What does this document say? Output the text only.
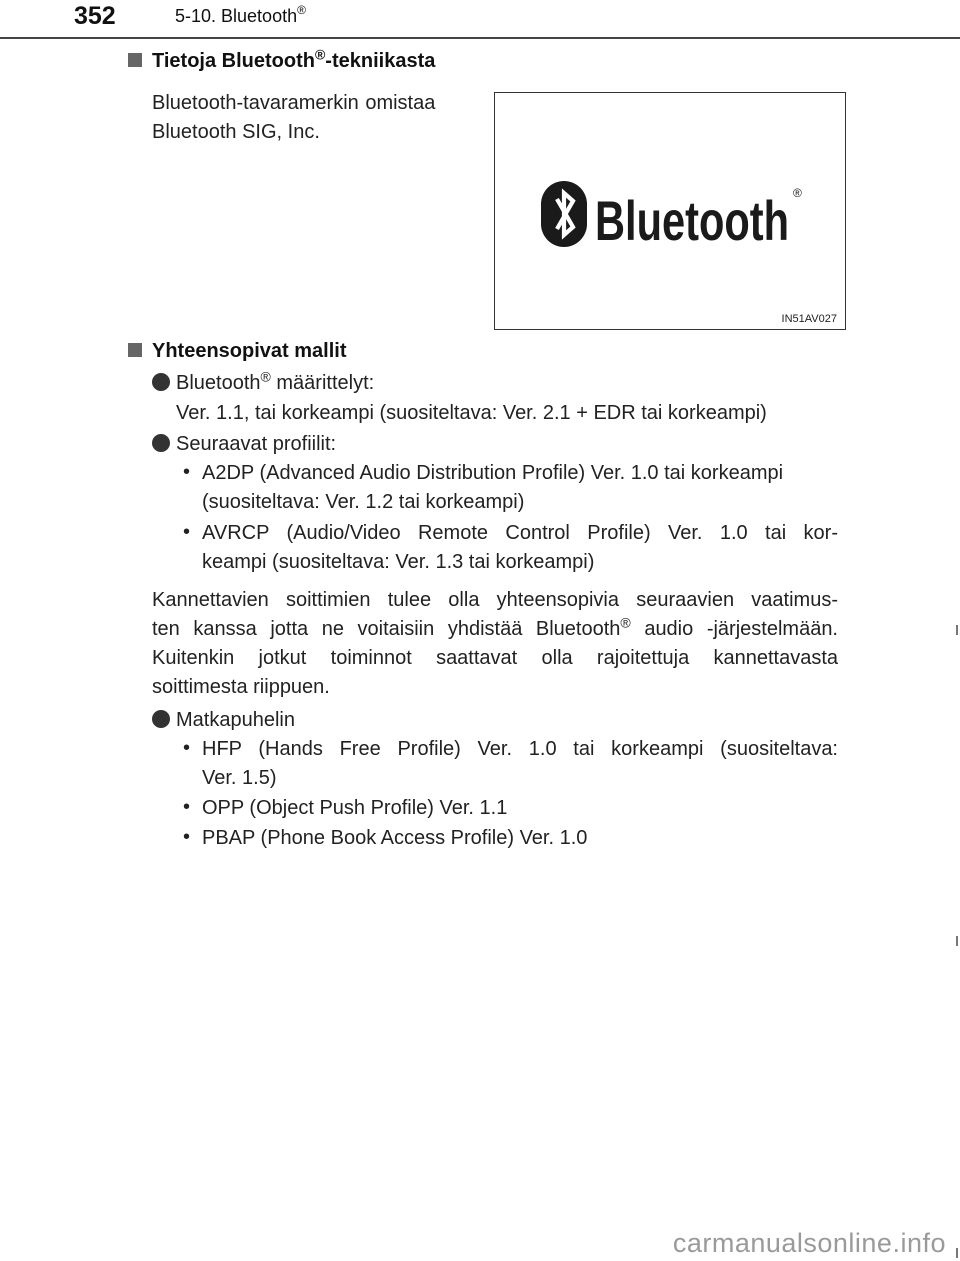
352	5-10. Bluetooth®
Tietoja Bluetooth®-tekniikasta
Bluetooth-tavaramerkin omistaa
Bluetooth SIG, Inc.
Bluetooth ®
IN51AV027
Yhteensopivat mallit
Bluetooth® määrittelyt:
Ver. 1.1, tai korkeampi (suositeltava: Ver. 2.1 + EDR tai korkeampi)
Seuraavat profiilit:
• A2DP (Advanced Audio Distribution Profile) Ver. 1.0 tai korkeampi
(suositeltava: Ver. 1.2 tai korkeampi)
• AVRCP (Audio/Video Remote Control Profile) Ver. 1.0 tai kor-
keampi (suositeltava: Ver. 1.3 tai korkeampi)
Kannettavien soittimien tulee olla yhteensopivia seuraavien vaatimus-
ten kanssa jotta ne voitaisiin yhdistää Bluetooth® audio -järjestelmään.
Kuitenkin jotkut toiminnot saattavat olla rajoitettuja kannettavasta
soittimesta riippuen.
Matkapuhelin
• HFP (Hands Free Profile) Ver. 1.0 tai korkeampi (suositeltava:
Ver. 1.5)
• OPP (Object Push Profile) Ver. 1.1
• PBAP (Phone Book Access Profile) Ver. 1.0
carmanualsonline.info
